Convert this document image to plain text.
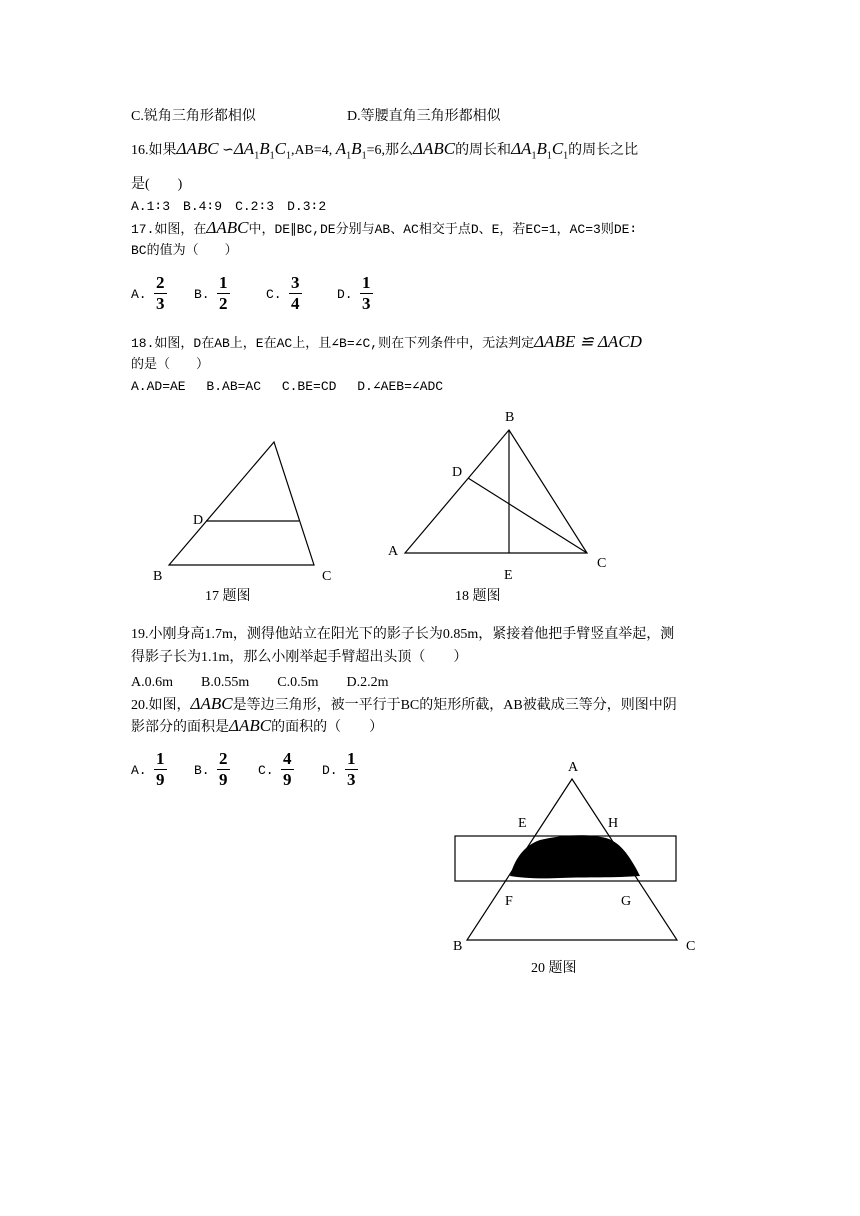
C.锐角三角形都相似	D.等腰直角三角形都相似
16.如果ΔABC $∽\Delta A_1B_1C_1,AB=4$, $A_1B_1=6$,那么ΔABC的周长和$\Delta A_1B_1C_1$的周长之比
是(　　)
A.1∶3　B.4∶9　C.2∶3　D.3∶2
17.如图，在ΔABC中，DE∥BC,DE分别与AB、AC相交于点D、E，若EC=1，AC=3则DE∶
BC的值为（　　）
A. $\frac{2}{3} B$. $\frac{1}{2}$	C. $\frac{3}{4}$	D. $\frac{1}{3}$
18.如图，D在AB上，E在AC上，且∠B=∠C,则在下列条件中，无法判定ΔABE ≌ ΔACD
的是（　　）
A.AD=AE　 B.AB=AC　 C.BE=CD　 D.∠AEB=∠ADC
D
B	C
17 题图
B
D
A
C
E
18 题图
A
E	H
F	G
B	C
20 题图
19.小刚身高1.7m，测得他站立在阳光下的影子长为0.85m，紧接着他把手臂竖直举起，测
得影子长为1.1m，那么小刚举起手臂超出头顶（　　）
A.0.6m　　B.0.55m　　C.0.5m　　D.2.2m
20.如图，ΔABC是等边三角形，被一平行于BC的矩形所截，AB被截成三等分，则图中阴
影部分的面积是ΔABC的面积的（　　）
A. $\frac{1}{9} B$. $\frac{2}{9} C$. $\frac{4}{9} D$. $\frac{1}{3}$
